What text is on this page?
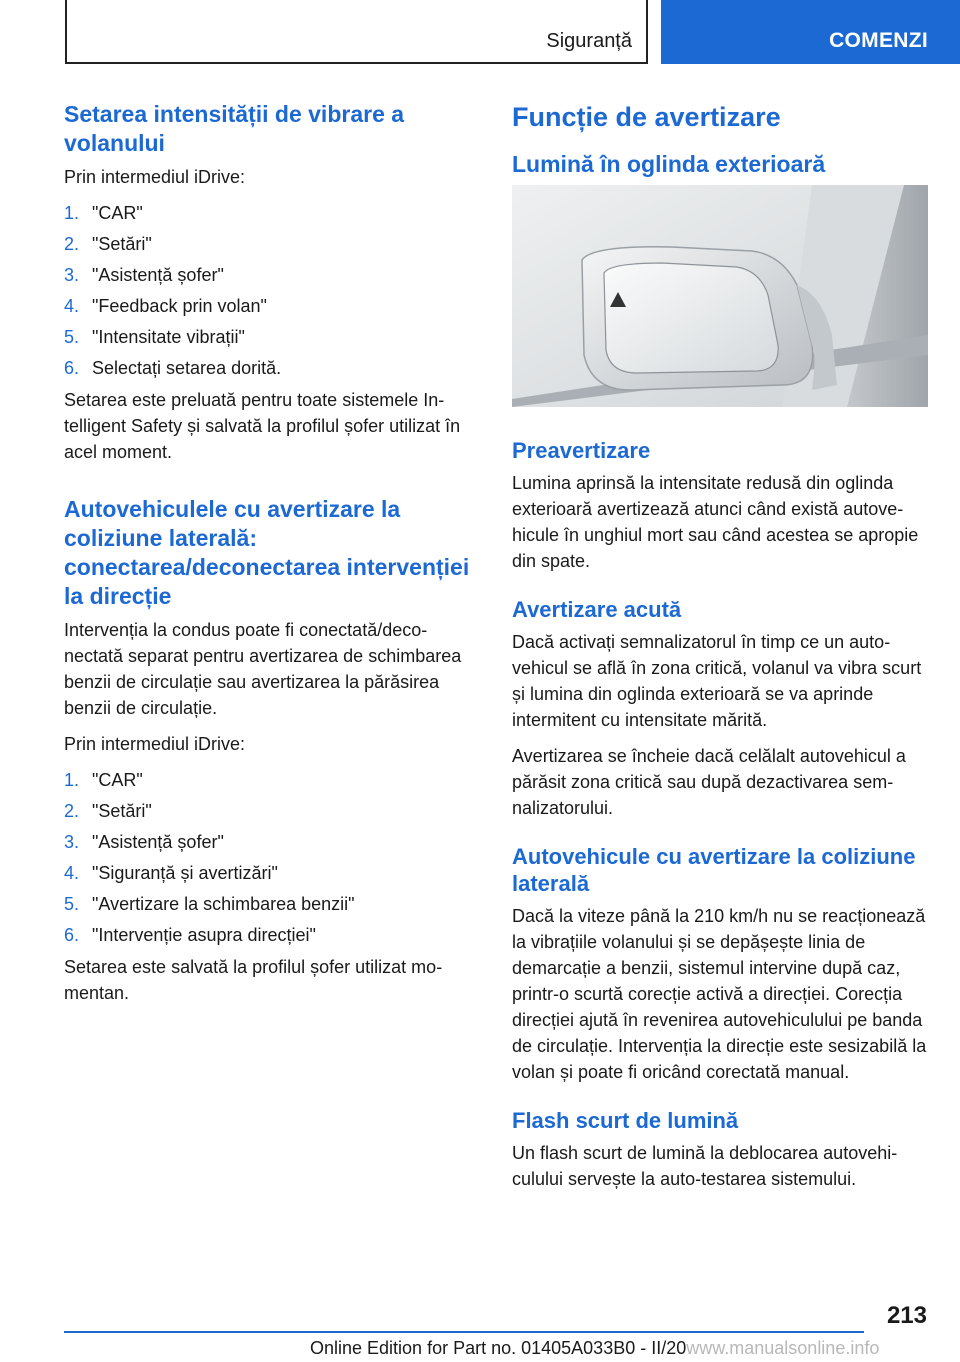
Siguranță	COMENZI
Setarea intensității de vibrare a volanului

Prin intermediul iDrive:

1. "CAR"
2. "Setări"
3. "Asistență șofer"
4. "Feedback prin volan"
5. "Intensitate vibrații"
6. Selectați setarea dorită.

Setarea este preluată pentru toate sistemele Intelligent Safety și salvată la profilul șofer utilizat în acel moment.

Autovehiculele cu avertizare la coliziune laterală: conectarea/deconectarea intervenției la direcție

Intervenția la condus poate fi conectată/deconectată separat pentru avertizarea de schimbarea benzii de circulație sau avertizarea la părăsirea benzii de circulație.

Prin intermediul iDrive:

1. "CAR"
2. "Setări"
3. "Asistență șofer"
4. "Siguranță și avertizări"
5. "Avertizare la schimbarea benzii"
6. "Intervenție asupra direcției"

Setarea este salvată la profilul șofer utilizat momentan.

Funcție de avertizare
Lumină în oglinda exterioară
Preavertizare

Lumina aprinsă la intensitate redusă din oglinda exterioară avertizează atunci când există autovehicule în unghiul mort sau când acestea se apropie din spate.

Avertizare acută

Dacă activați semnalizatorul în timp ce un autovehicul se află în zona critică, volanul va vibra scurt și lumina din oglinda exterioară se va aprinde intermitent cu intensitate mărită.

Avertizarea se încheie dacă celălalt autovehicul a părăsit zona critică sau după dezactivarea semnalizatorului.

Autovehicule cu avertizare la coliziune laterală

Dacă la viteze până la 210 km/h nu se reacționează la vibrațiile volanului și se depășește linia de demarcație a benzii, sistemul intervine după caz, printr-o scurtă corecție activă a direcției. Corecția direcției ajută în revenirea autovehiculului pe banda de circulație. Intervenția la direcție este sesizabilă la volan și poate fi oricând corectată manual.

Flash scurt de lumină

Un flash scurt de lumină la deblocarea autovehiculului servește la auto-testarea sistemului.

213
Online Edition for Part no. 01405A033B0 - II/20www.manualsonline.info
